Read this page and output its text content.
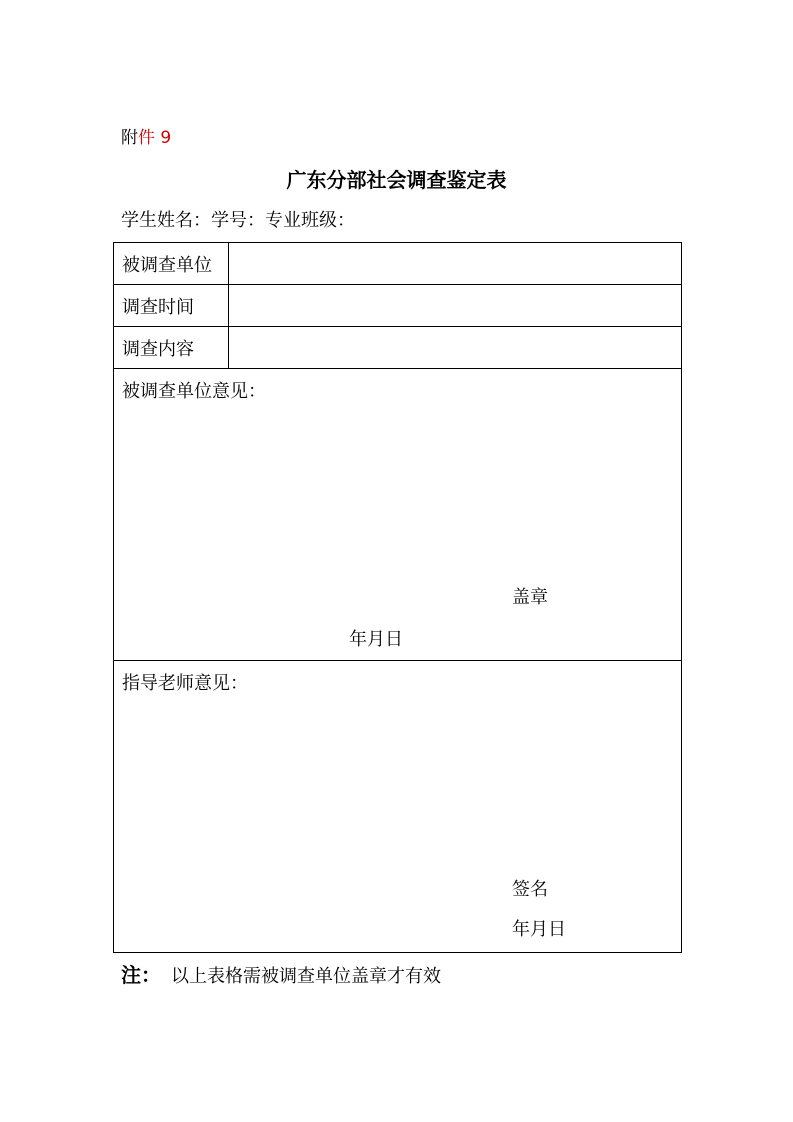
附件 9
广东分部社会调查鉴定表
学生姓名：学号：专业班级：
被调查单位	
调查时间	
调查内容	

被调查单位意见：
盖章
年月日	

指导老师意见：
签名
年月日	
注： 以上表格需被调查单位盖章才有效
